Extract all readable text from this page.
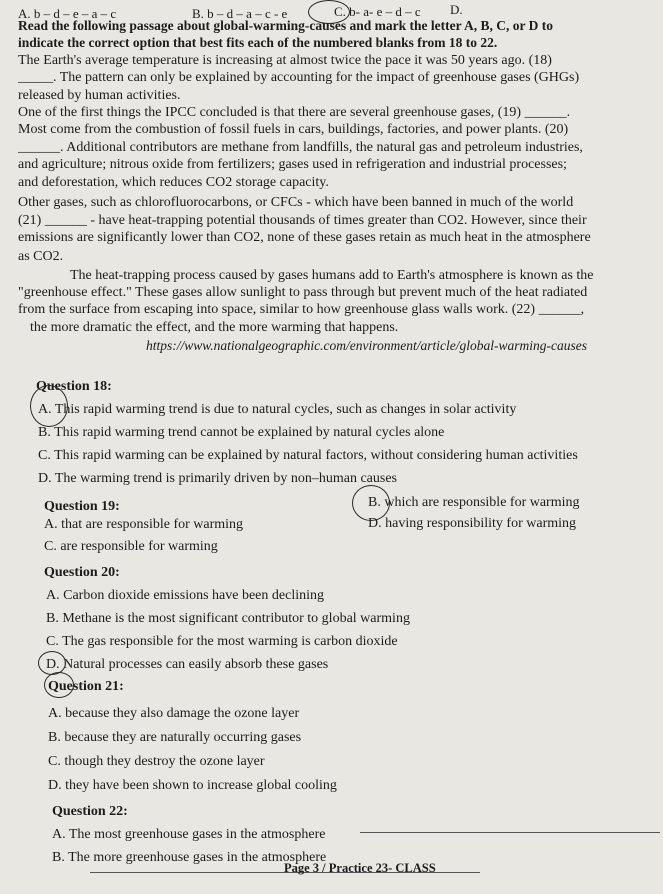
A. b – d – e – a – c	B. b – d – a – c - e	C. b- a- e – d – c D.
Read the following passage about global-warming-causes and mark the letter A, B, C, or D to
indicate the correct option that best fits each of the numbered blanks from 18 to 22.
The Earth's average temperature is increasing at almost twice the pace it was 50 years ago. (18)
_____. The pattern can only be explained by accounting for the impact of greenhouse gases (GHGs)
released by human activities.
One of the first things the IPCC concluded is that there are several greenhouse gases, (19) ______.
Most come from the combustion of fossil fuels in cars, buildings, factories, and power plants. (20)
______. Additional contributors are methane from landfills, the natural gas and petroleum industries,
and agriculture; nitrous oxide from fertilizers; gases used in refrigeration and industrial processes;
and deforestation, which reduces CO2 storage capacity.
Other gases, such as chlorofluorocarbons, or CFCs - which have been banned in much of the world
(21) ______ - have heat-trapping potential thousands of times greater than CO2. However, since their
emissions are significantly lower than CO2, none of these gases retain as much heat in the atmosphere
as CO2.
The heat-trapping process caused by gases humans add to Earth's atmosphere is known as the
"greenhouse effect." These gases allow sunlight to pass through but prevent much of the heat radiated
from the surface from escaping into space, similar to how greenhouse glass walls work. (22) ______,
the more dramatic the effect, and the more warming that happens.
https://www.nationalgeographic.com/environment/article/global-warming-causes
Question 18:
A. This rapid warming trend is due to natural cycles, such as changes in solar activity
B. This rapid warming trend cannot be explained by natural cycles alone
C. This rapid warming can be explained by natural factors, without considering human activities
D. The warming trend is primarily driven by non–human causes
Question 19:
A. that are responsible for warming
B. which are responsible for warming
C. are responsible for warming
D. having responsibility for warming
Question 20:
A. Carbon dioxide emissions have been declining
B. Methane is the most significant contributor to global warming
C. The gas responsible for the most warming is carbon dioxide
D. Natural processes can easily absorb these gases
Question 21:
A. because they also damage the ozone layer
B. because they are naturally occurring gases
C. though they destroy the ozone layer
D. they have been shown to increase global cooling
Question 22:
A. The most greenhouse gases in the atmosphere
B. The more greenhouse gases in the atmosphere
Page 3 / Practice 23- CLASS
